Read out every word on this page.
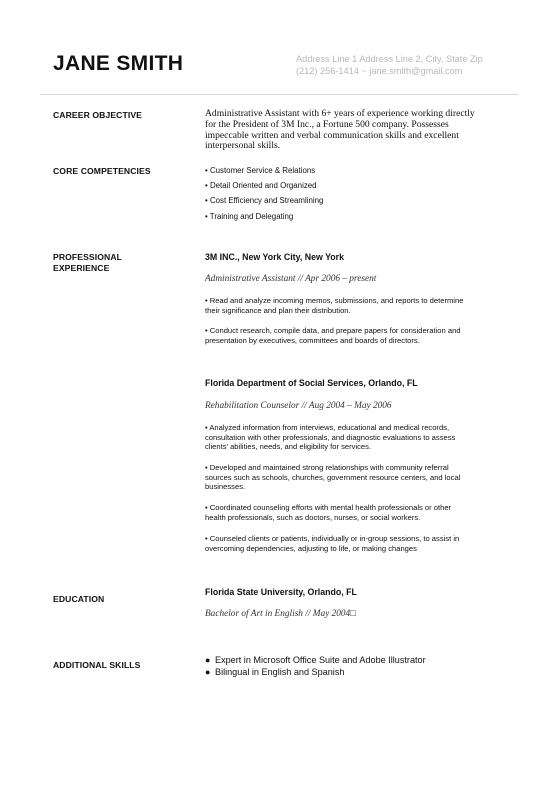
JANE SMITH	Address Line 1 Address Line 2, City, State Zip
(212) 256-1414 ~ jane.smith@gmail.com
CAREER OBJECTIVE	Administrative Assistant with 6+ years of experience working directly
for the President of 3M Inc., a Fortune 500 company. Possesses
impeccable written and verbal communication skills and excellent
interpersonal skills.
CORE COMPETENCIES	• Customer Service & Relations
• Detail Oriented and Organized
• Cost Efficiency and Streamlining
• Training and Delegating
PROFESSIONAL
EXPERIENCE
3M INC., New York City, New York
Administrative Assistant // Apr 2006 – present
• Read and analyze incoming memos, submissions, and reports to determine
their significance and plan their distribution.
• Conduct research, compile data, and prepare papers for consideration and
presentation by executives, committees and boards of directors.
Florida Department of Social Services, Orlando, FL
Rehabilitation Counselor // Aug 2004 – May 2006
• Analyzed information from interviews, educational and medical records,
consultation with other professionals, and diagnostic evaluations to assess
clients' abilities, needs, and eligibility for services.
• Developed and maintained strong relationships with community referral
sources such as schools, churches, government resource centers, and local
businesses.
• Coordinated counseling efforts with mental health professionals or other
health professionals, such as doctors, nurses, or social workers.
• Counseled clients or patients, individually or in-group sessions, to assist in
overcoming dependencies, adjusting to life, or making changes
EDUCATION
Florida State University, Orlando, FL
Bachelor of Art in English // May 2004□
ADDITIONAL SKILLS	● Expert in Microsoft Office Suite and Adobe Illustrator
● Bilingual in English and Spanish
